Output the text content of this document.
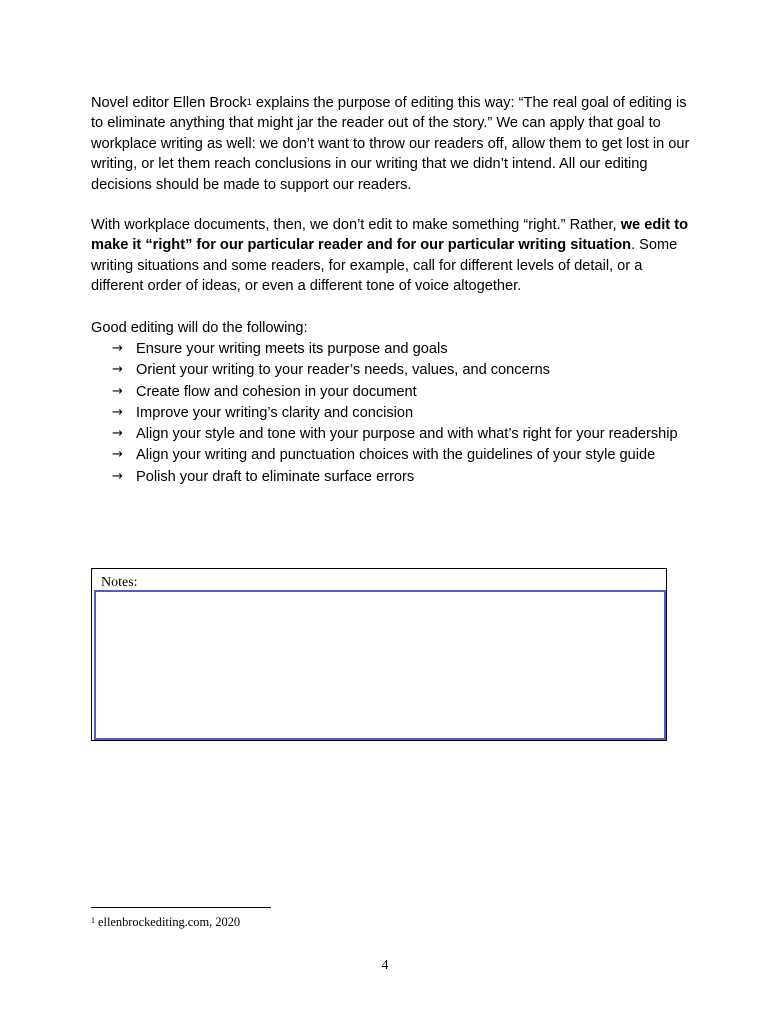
Novel editor Ellen Brock$^1$ explains the purpose of editing this way: “The real goal of editing is to eliminate anything that might jar the reader out of the story.” We can apply that goal to workplace writing as well: we don’t want to throw our readers off, allow them to get lost in our writing, or let them reach conclusions in our writing that we didn’t intend. All our editing decisions should be made to support our readers.

With workplace documents, then, we don’t edit to make something “right.” Rather, we edit to make it “right” for our particular reader and for our particular writing situation. Some writing situations and some readers, for example, call for different levels of detail, or a different order of ideas, or even a different tone of voice altogether.

Good editing will do the following:

→ Ensure your writing meets its purpose and goals
→ Orient your writing to your reader’s needs, values, and concerns
→ Create flow and cohesion in your document
→ Improve your writing’s clarity and concision
→ Align your style and tone with your purpose and with what’s right for your readership
→ Align your writing and punctuation choices with the guidelines of your style guide
→ Polish your draft to eliminate surface errors
Notes:
$^1$ ellenbrockediting.com, 2020
4
